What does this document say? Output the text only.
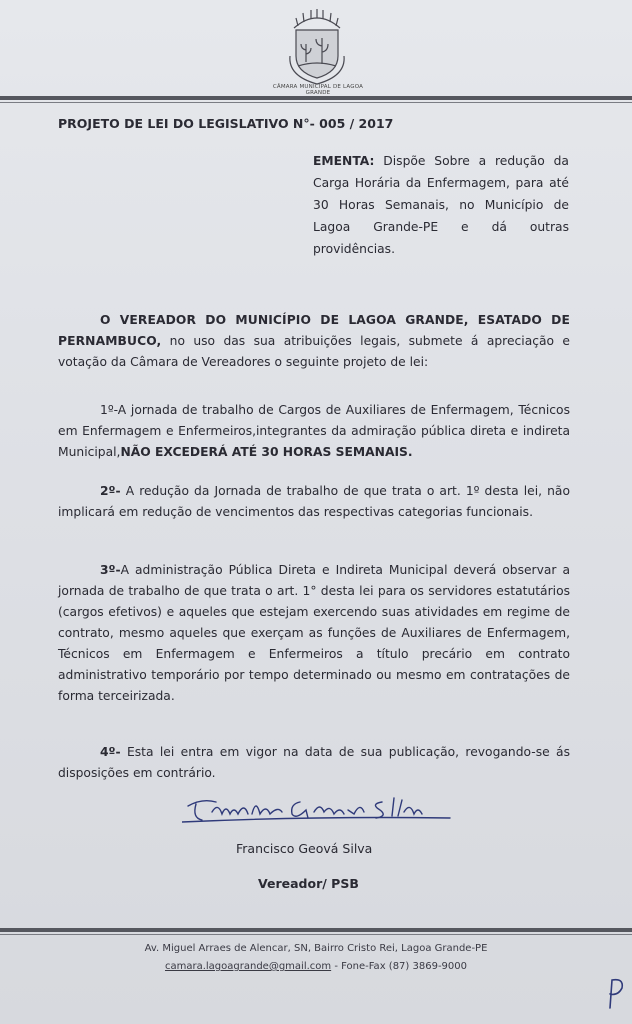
CÂMARA MUNICIPAL DE LAGOA GRANDE
PROJETO DE LEI DO LEGISLATIVO N°- 005 / 2017
EMENTA: Dispõe Sobre a redução da Carga Horária da Enfermagem, para até 30 Horas Semanais, no Município de Lagoa Grande-PE e dá outras providências.
O VEREADOR DO MUNICÍPIO DE LAGOA GRANDE, ESATADO DE PERNAMBUCO, no uso das sua atribuições legais, submete á apreciação e votação da Câmara de Vereadores o seguinte projeto de lei:
1º-A jornada de trabalho de Cargos de Auxiliares de Enfermagem, Técnicos em Enfermagem e Enfermeiros,integrantes da admiração pública direta e indireta Municipal,NÃO EXCEDERÁ ATÉ 30 HORAS SEMANAIS.
2º- A redução da Jornada de trabalho de que trata o art. 1º desta lei, não implicará em redução de vencimentos das respectivas categorias funcionais.
3º-A administração Pública Direta e Indireta Municipal deverá observar a jornada de trabalho de que trata o art. 1° desta lei para os servidores estatutários (cargos efetivos) e aqueles que estejam exercendo suas atividades em regime de contrato, mesmo aqueles que exerçam as funções de Auxiliares de Enfermagem, Técnicos em Enfermagem e Enfermeiros a título precário em contrato administrativo temporário por tempo determinado ou mesmo em contratações de forma terceirizada.
4º- Esta lei entra em vigor na data de sua publicação, revogando-se ás disposições em contrário.
Francisco Geová Silva
Vereador/ PSB
Av. Miguel Arraes de Alencar, SN, Bairro Cristo Rei, Lagoa Grande-PE
camara.lagoagrande@gmail.com - Fone-Fax (87) 3869-9000
